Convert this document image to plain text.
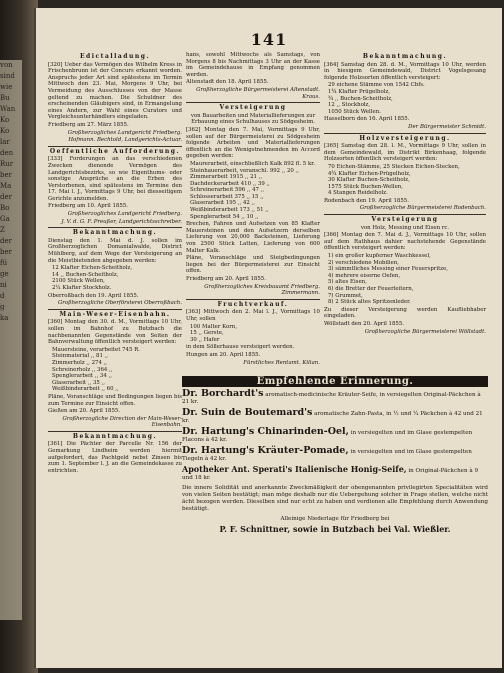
von
sind
wie
Bu
Wan
Ko
Ko
lar
den
Rur
ber
Ma
der
Bo
Ga
Z
der
ber
fü
ge
ni
d
g
ka
141
Edictalladung.
[320] Ueber das Vermögen des Wilhelm Kress in Frischenbrunn ist der Concurs erkannt worden. Anspruchs jeder Art sind spätestens im Termin Mittwoch den 23. Mai, Morgens 9 Uhr, bei Vermeidung des Ausschlusses von der Masse geltend zu machen. Die Schuldner des erscheinenden Gläubigers sind, in Ermangelung eines Andern, zur Wahl eines Curators und Vergleichsunterhändlers eingeladen.
Friedberg am 27. März 1855.
Großherzogliches Landgericht Friedberg.
Hofmann. Bechtold, Landgerichts-Actuar.
Oeffentliche Aufforderung.
[333] Forderungen an das verschiedenen Zwecken dienende Vermögen des Landgerichtsbezirks, so wie Eigenthums- oder sonstige Ansprüche an die Erben des Verstorbenen, sind spätestens im Termine den 17. Mai l. J., Vormittags 9 Uhr, bei diesseitigem Gerichte anzumelden.
Friedberg am 10. April 1855.
Großherzogliches Landgericht Friedberg.
J. V. d. G. F. Preußer, Landgerichtsschreiber.
Bekanntmachung.
Dienstag den 1. Mai d. J. sollen im Großherzoglichen Domanialwalde, District Mühlberg, auf dem Wege der Versteigerung an die Meistbietenden abgegeben werden:
12 Klafter Eichen-Scheitholz,
14 ,, Buchen-Scheitholz,
2100 Stück Wellen,
2¼ Klafter Stockholz.
Oberroßbach den 19. April 1855.
Großherzogliche Oberförsterei Oberroßbach.
Main-Weser-Eisenbahn.
[360] Montag den 30. d. M., Vormittags 10 Uhr, sollen im Bahnhof zu Butzbach die nachbenannten Gegenstände von Seiten der Bahnverwaltung öffentlich versteigert werden:
Mauersteine, verarbeitet 745 R.
Steinmaterial ,, 81 ,,
Zimmerholz ,, 274 ,,
Schreinerholz ,, 364 ,,
Spenglerarbeit ,, 34 ,,
Glaserarbeit ,, 35 ,,
Weißbinderarbeit ,, 60 ,,
Pläne, Voranschläge und Bedingungen liegen bis zum Termine zur Einsicht offen.
Gießen am 20. April 1855.
Großherzogliche Direction der Main-Weser-Eisenbahn.
Bekanntmachung.
[361] Die Pächter der Parcelle Nr. 156 der Gemarkung Lindheim werden hiermit aufgefordert, das Pachtgeld nebst Zinsen bis zum 1. September l. J. an die Gemeindekasse zu entrichten.
hans, sowohl Mittwochs als Samstags, von Morgens 8 bis Nachmittags 3 Uhr an der Kasse im Gemeindehause in Empfang genommen werden.
Altenstadt den 18. April 1855.
Großherzogliche Bürgermeisterei Altenstadt. Kraus.
Versteigerung
von Bauarbeiten und Materiallieferungen zur Erbauung eines Schulhauses zu Södgesheim.
[362] Montag den 7. Mai, Vormittags 9 Uhr, sollen auf der Bürgermeisterei zu Södgesheim folgende Arbeiten und Materiallieferungen öffentlich an die Wenigstnehmenden im Accord gegeben werden:
Maurerarbeit, einschließlich Kalk 892 fl. 5 kr.
Steinhauerarbeit, veranschl. 992 ,, 20 ,,
Zimmerarbeit 1915 ,, 21 ,,
Dachdeckerarbeit 410 ,, 39 ,,
Schreinerarbeit 596 ,, 47 ,,
Schlosserarbeit 375 ,, 15 ,,
Glaserarbeit 195 ,, 42 ,,
Weißbinderarbeit 173 ,, 51 ,,
Spenglerarbeit 54 ,, 10 ,,
Brechen, Fahren und Aufsetzen von 85 Klafter Mauersteinen und den Aufsetzern derselben Lieferung von 20,000 Backsteinen, Lieferung von 2500 Stück Latten, Lieferung von 600 Malter Kalk.
Pläne, Voranschläge und Steigbedingungen liegen bei der Bürgermeisterei zur Einsicht offen.
Friedberg am 20. April 1855.
Großherzogliches Kreisbauamt Friedberg. Zimmermann.
Fruchtverkauf.
[363] Mittwoch den 2. Mai l. J., Vormittags 10 Uhr, sollen
100 Malter Korn,
15 ,, Gerste,
30 ,, Hafer
in dem Söllerhause versteigert werden.
Hungen am 20. April 1855.
Fürstliches Rentamt. Kilian.
Bekanntmachung.
[364] Samstag den 28. d. M., Vormittags 10 Uhr, werden in hiesigem Gemeindewald, District Vogelsgesang folgende Holzsorten öffentlich versteigert:
29 eichene Stämme von 1542 Cbfs.
1¾ Klafter Prügelholz,
¾ ,, Buchen-Scheitholz,
12 ,, Stockholz,
1050 Stück Wellen.
Hasselborn den 16. April 1855.
Der Bürgermeister Schmidt.
Holzversteigerung.
[365] Samstag den 28. l. M., Vormittags 9 Uhr, sollen in dem Gemeindewald, im Distrikt Birkenhaag, folgende Holzsorten öffentlich versteigert werden:
70 Eichen-Stämme, 25 Stecken Eichen-Stecken,
4¾ Klafter Eichen-Prügelholz,
30 Klafter Buchen-Scheitholz,
1575 Stück Buchen-Wellen,
4 Stangen Reidelholz.
Rodenbach den 19. April 1855.
Großherzogliche Bürgermeisterei Rodenbach.
Versteigerung
von Holz, Messing und Eisen rc.
[366] Montag den 7. Mai d. J., Vormittags 10 Uhr, sollen auf dem Rathhaus dahier nachstehende Gegenstände öffentlich versteigert werden:
1) ein großer kupferner Waschkessel,
2) verschiedene Mobilien,
3) sämmtliches Messing einer Feuerspritze,
4) mehrere eiserne Oefen,
5) altes Eisen,
6) die Bretter der Feuerleitern,
7) Grummet,
8) 2 Stück altes Spritzenleder.
Zu dieser Versteigerung werden Kaufliebhaber eingeladen.
Wöllstadt den 20. April 1855.
Großherzogliche Bürgermeisterei Wöllstadt.
Empfehlende Erinnerung.
Dr. Borchardt's aromatisch-medicinische Kräuter-Seife, in versiegelten Original-Päckchen à 21 kr.
Dr. Suin de Boutemard's aromatische Zahn-Pasta, in ½ und ¼ Päckchen à 42 und 21 kr.
Dr. Hartung's Chinarinden-Oel, in versiegelten und im Glase gestempelten Flacons à 42 kr.
Dr. Hartung's Kräuter-Pomade, in versiegelten und im Glase gestempelten Tiegeln à 42 kr.
Apotheker Ant. Sperati's Italienische Honig-Seife, in Original-Päckchen à 9 und 18 kr.
Die innere Solidität und anerkannte Zweckmäßigkeit der obengenannten privilegirten Specialitäten wird von vielen Seiten bestätigt; man möge deshalb nur die Uebergehung solcher in Frage stellen, welche nicht ächt bezogen werden. Dieselben sind nur echt zu haben und verdienen alle Empfehlung durch Anwendung bestätigt.
Alleinige Niederlage für Friedberg bei
P. F. Schnittner, sowie in Butzbach bei Val. Wießler.
